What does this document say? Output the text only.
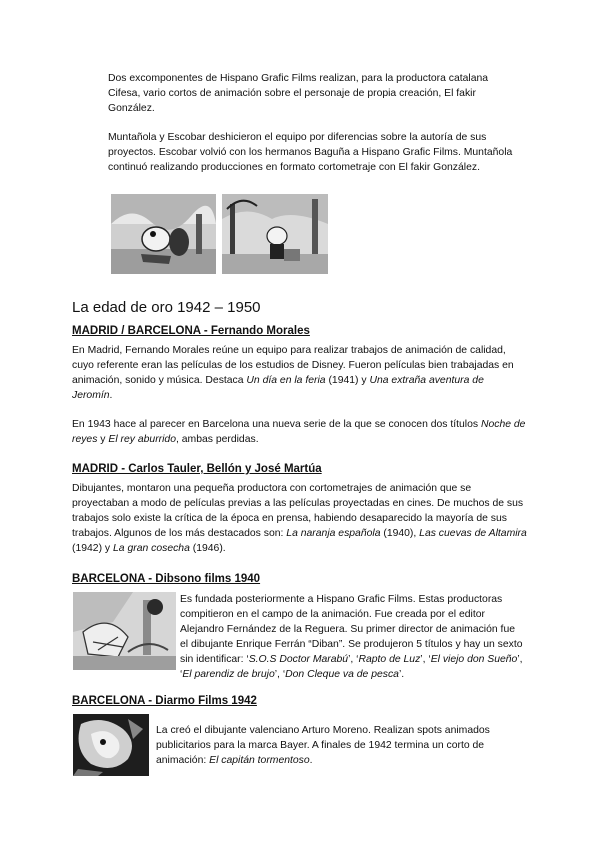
Dos excomponentes de Hispano Grafic Films realizan, para la productora catalana Cifesa, vario cortos de animación sobre el personaje de propia creación, El fakir González.
Muntañola y Escobar deshicieron el equipo por diferencias sobre la autoría de sus proyectos. Escobar volvió con los hermanos Baguña a Hispano Grafic Films. Muntañola continuó realizando producciones en formato cortometraje con El fakir González.
La edad de oro 1942 – 1950
MADRID / BARCELONA - Fernando Morales
En Madrid, Fernando Morales reúne un equipo para realizar trabajos de animación de calidad, cuyo referente eran las películas de los estudios de Disney. Fueron películas bien trabajadas en animación, sonido y música. Destaca Un día en la feria (1941) y Una extraña aventura de Jeromín.
En 1943 hace al parecer en Barcelona una nueva serie de la que se conocen dos títulos Noche de reyes y El rey aburrido, ambas perdidas.
MADRID - Carlos Tauler, Bellón y José Martúa
Dibujantes, montaron una pequeña productora con cortometrajes de animación que se proyectaban a modo de películas previas a las películas proyectadas en cines. De muchos de sus trabajos solo existe la crítica de la época en prensa, habiendo desaparecido la mayoría de sus trabajos. Algunos de los más destacados son: La naranja española (1940), Las cuevas de Altamira (1942) y La gran cosecha (1946).
BARCELONA - Dibsono films 1940
Es fundada posteriormente a Hispano Grafic Films. Estas productoras compitieron en el campo de la animación. Fue creada por el editor Alejandro Fernández de la Reguera. Su primer director de animación fue el dibujante Enrique Ferrán “Diban”. Se produjeron 5 títulos y hay un sexto sin identificar: ‘S.O.S Doctor Marabú’, ‘Rapto de Luz’, ‘El viejo don Sueño’, ‘El parendiz de brujo’, ‘Don Cleque va de pesca’.
BARCELONA - Diarmo Films 1942
La creó el dibujante valenciano Arturo Moreno. Realizan spots animados publicitarios para la marca Bayer. A finales de 1942 termina un corto de animación: El capitán tormentoso.
